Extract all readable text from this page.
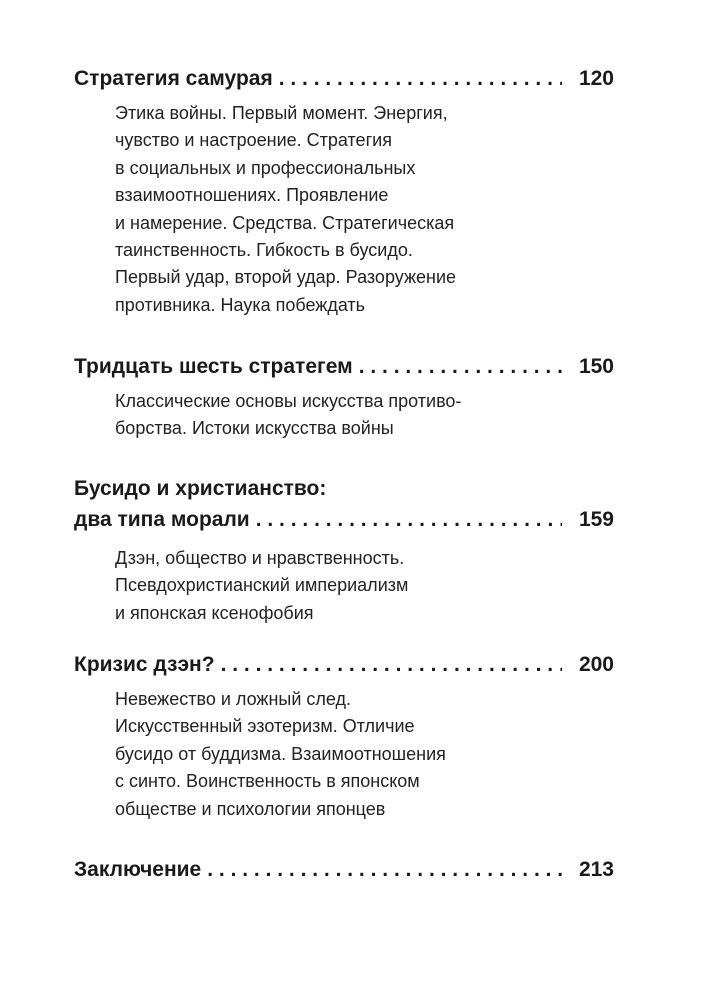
Стратегия самурая . . .	120
Этика войны. Первый момент. Энергия,
чувство и настроение. Стратегия
в социальных и профессиональных
взаимоотношениях. Проявление
и намерение. Средства. Стратегическая
таинственность. Гибкость в бусидо.
Первый удар, второй удар. Разоружение
противника. Наука побеждать
Тридцать шесть стратегем . . .	150
Классические основы искусства противо-
борства. Истоки искусства войны
Бусидо и христианство:
два типа морали . . .	159
Дзэн, общество и нравственность.
Псевдохристианский империализм
и японская ксенофобия
Кризис дзэн? . . .	200
Невежество и ложный след.
Искусственный эзотеризм. Отличие
бусидо от буддизма. Взаимоотношения
с синто. Воинственность в японском
обществе и психологии японцев
Заключение . . .	213
